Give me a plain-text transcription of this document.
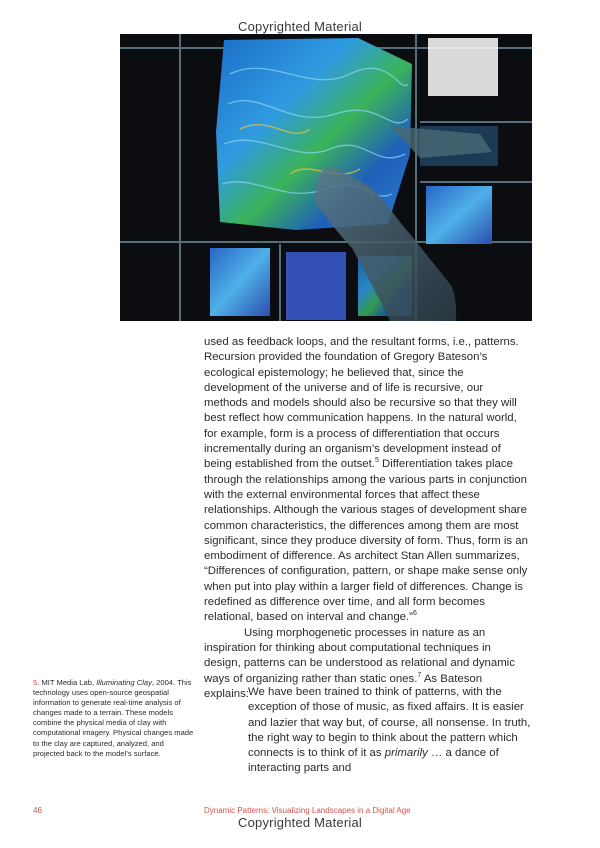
Copyrighted Material

used as feedback loops, and the resultant forms, i.e., patterns. Recursion provided the foundation of Gregory Bateson’s ecological epistemology; he believed that, since the development of the universe and of life is recursive, our methods and models should also be recursive so that they will best reflect how communication happens. In the natural world, for example, form is a process of differentiation that occurs incrementally during an organism’s development instead of being established from the outset.$^5$ Differentiation takes place through the relationships among the various parts in conjunction with the external environmental forces that affect these relationships. Although the various stages of development share common characteristics, the differences among them are most significant, since they produce diversity of form. Thus, form is an embodiment of difference. As architect Stan Allen summarizes, “Differences of configuration, pattern, or shape make sense only when put into play within a larger field of differences. Change is redefined as difference over time, and all form becomes relational, based on interval and change.”$^6$

Using morphogenetic processes in nature as an inspiration for thinking about computational techniques in design, patterns can be understood as relational and dynamic ways of organizing rather than static ones.$^7$ As Bateson explains: We have been trained to think of patterns, with the exception of those of music, as fixed affairs. It is easier and lazier that way but, of course, all nonsense. In truth, the right way to begin to think about the pattern which connects is to think of it as primarily … a dance of interacting parts and

5. MIT Media Lab, Illuminating Clay, 2004. This technology uses open-source geospatial information to generate real-time analysis of changes made to a terrain. These models combine the physical media of clay with computational imagery. Physical changes made to the clay are captured, analyzed, and projected back to the model’s surface.
46	Dynamic Patterns: Visualizing Landscapes in a Digital Age
Copyrighted Material
